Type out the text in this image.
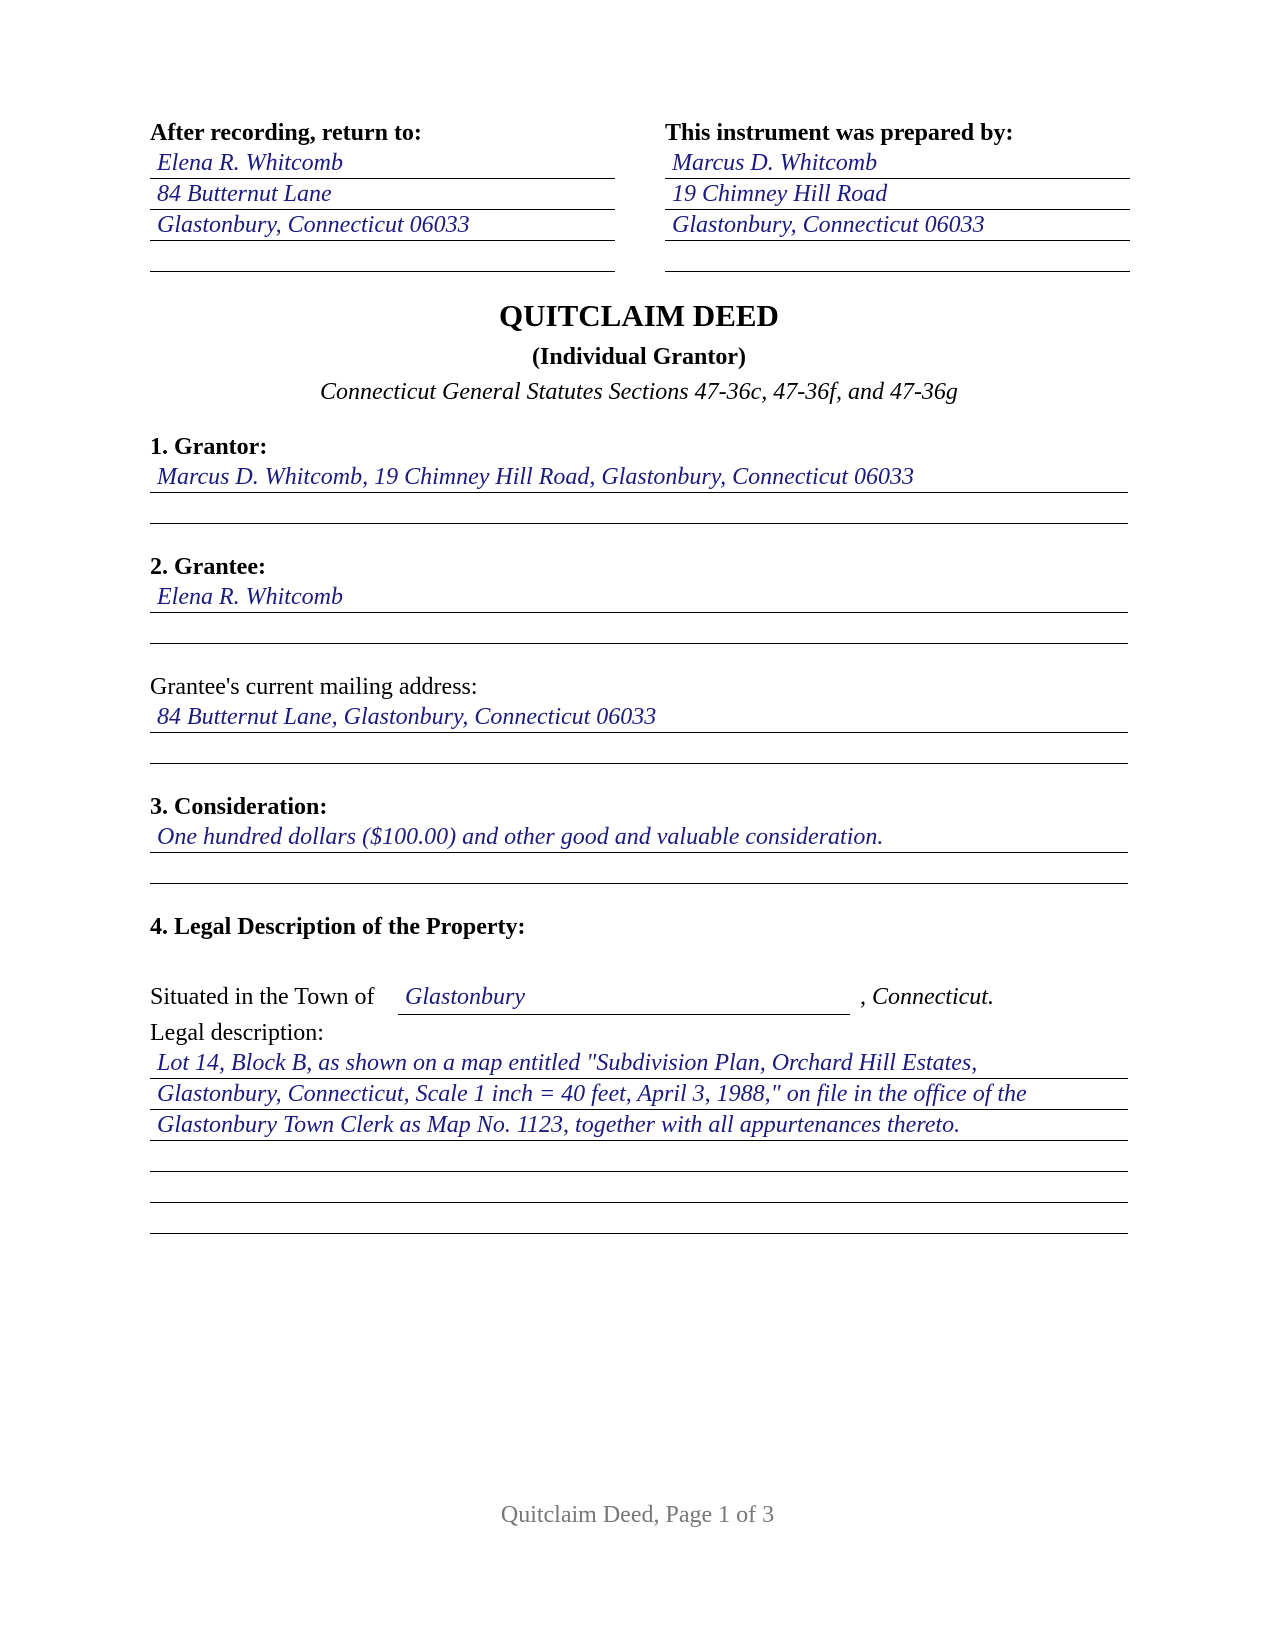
After recording, return to:
Elena R. Whitcomb
84 Butternut Lane
Glastonbury, Connecticut 06033
This instrument was prepared by:
Marcus D. Whitcomb
19 Chimney Hill Road
Glastonbury, Connecticut 06033
QUITCLAIM DEED
(Individual Grantor)
Connecticut General Statutes Sections 47-36c, 47-36f, and 47-36g
1. Grantor:
Marcus D. Whitcomb, 19 Chimney Hill Road, Glastonbury, Connecticut 06033
2. Grantee:
Elena R. Whitcomb
Grantee's current mailing address:
84 Butternut Lane, Glastonbury, Connecticut 06033
3. Consideration:
One hundred dollars ($100.00) and other good and valuable consideration.
4. Legal Description of the Property:
Situated in the Town of Glastonbury	, Connecticut.
Legal description:
Lot 14, Block B, as shown on a map entitled "Subdivision Plan, Orchard Hill Estates,
Glastonbury, Connecticut, Scale 1 inch = 40 feet, April 3, 1988," on file in the office of the
Glastonbury Town Clerk as Map No. 1123, together with all appurtenances thereto.
Quitclaim Deed, Page 1 of 3
